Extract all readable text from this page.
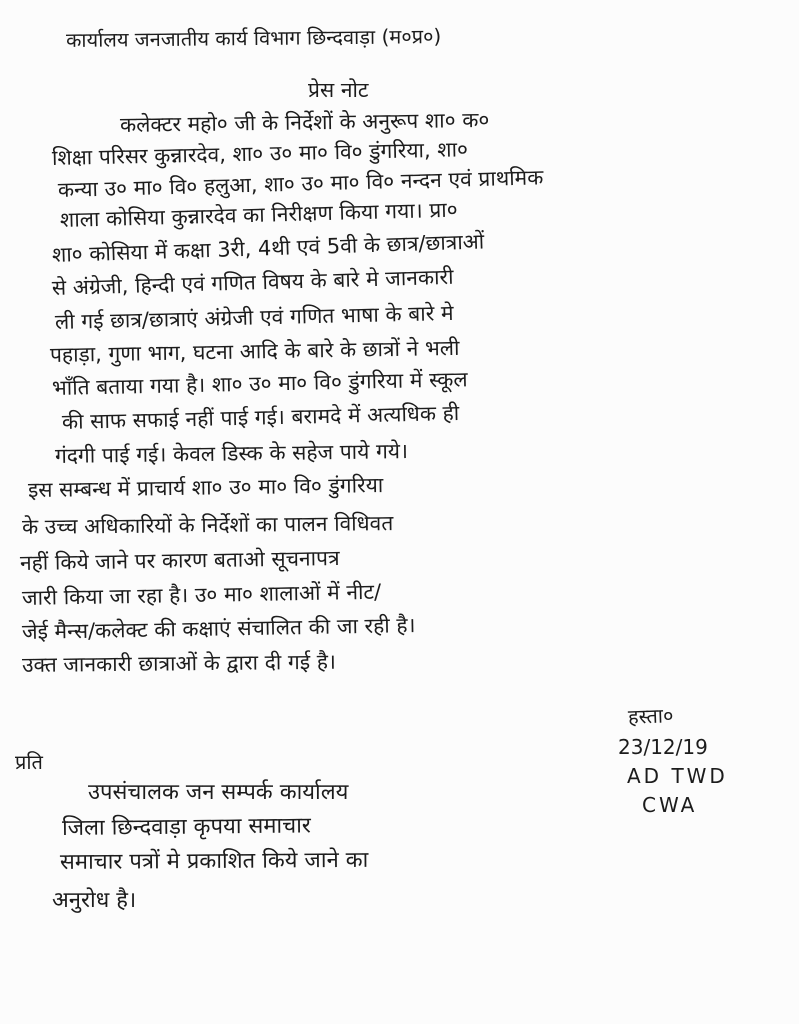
कार्यालय जनजातीय कार्य विभाग छिन्दवाड़ा (म०प्र०)
प्रेस नोट
कलेक्टर महो० जी के निर्देशों के अनुरूप शा० क०
शिक्षा परिसर कुन्नारदेव, शा० उ० मा० वि० डुंगरिया, शा०
कन्या उ० मा० वि० हलुआ, शा० उ० मा० वि० नन्दन एवं प्राथमिक
शाला कोसिया कुन्नारदेव का निरीक्षण किया गया। प्रा०
शा० कोसिया में कक्षा 3री, 4थी एवं 5वी के छात्र/छात्राओं
से अंग्रेजी, हिन्दी एवं गणित विषय के बारे मे जानकारी
ली गई छात्र/छात्राएं अंग्रेजी एवं गणित भाषा के बारे मे
पहाड़ा, गुणा भाग, घटना आदि के बारे के छात्रों ने भली
भाँति बताया गया है। शा० उ० मा० वि० डुंगरिया में स्कूल
की साफ सफाई नहीं पाई गई। बरामदे में अत्यधिक ही
गंदगी पाई गई। केवल डिस्क के सहेज पाये गये।
इस सम्बन्ध में प्राचार्य शा० उ० मा० वि० डुंगरिया
के उच्च अधिकारियों के निर्देशों का पालन विधिवत
नहीं किये जाने पर कारण बताओ सूचनापत्र
जारी किया जा रहा है। उ० मा० शालाओं में नीट/
जेई मैन्स/कलेक्ट की कक्षाएं संचालित की जा रही है।
उक्त जानकारी छात्राओं के द्वारा दी गई है।
हस्ता०
23/12/19
AD TWD
CWA
प्रति
उपसंचालक जन सम्पर्क कार्यालय
जिला छिन्दवाड़ा कृपया समाचार
समाचार पत्रों मे प्रकाशित किये जाने का
अनुरोध है।
